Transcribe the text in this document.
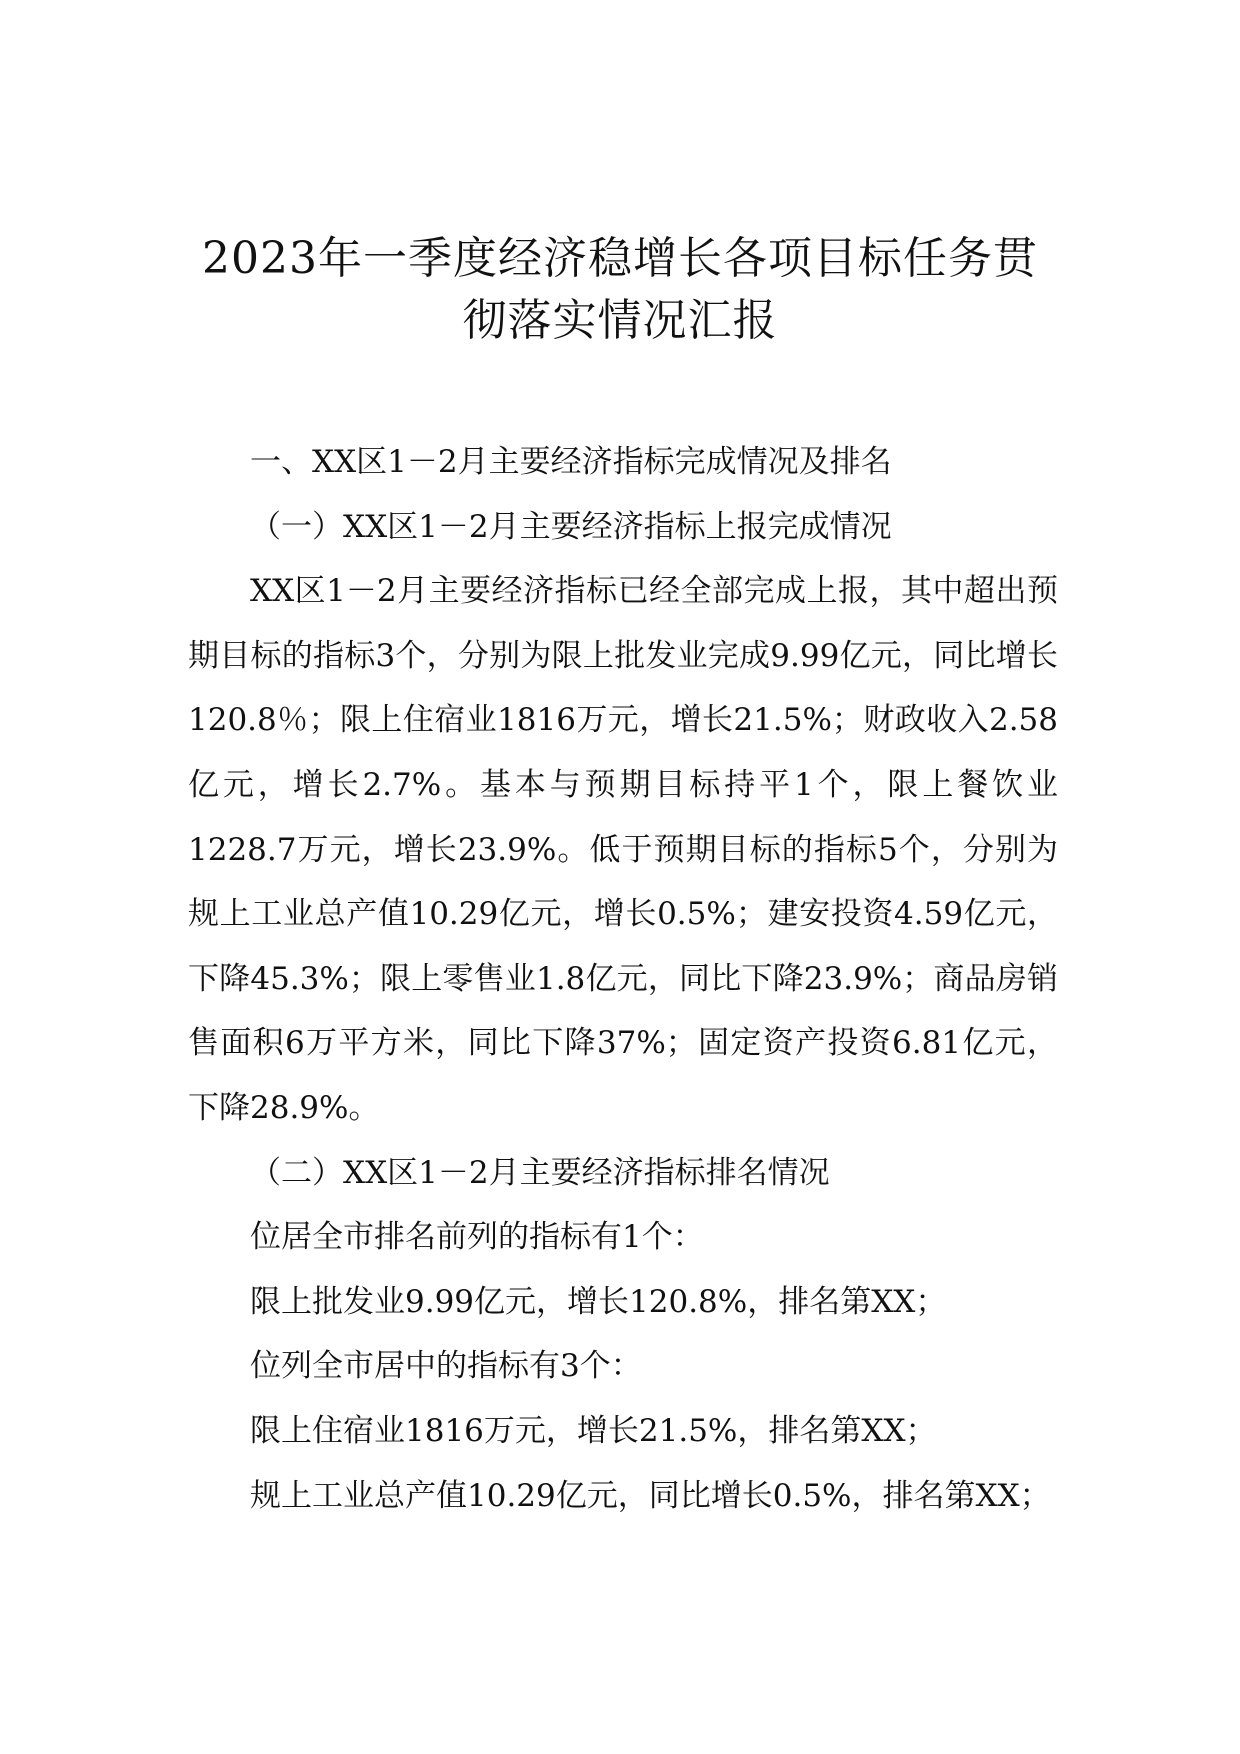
2023年一季度经济稳增长各项目标任务贯
彻落实情况汇报

一、XX区1－2月主要经济指标完成情况及排名

（一）XX区1－2月主要经济指标上报完成情况

XX区1－2月主要经济指标已经全部完成上报，其中超出预期目标的指标3个，分别为限上批发业完成9.99亿元，同比增长120.8％；限上住宿业1816万元，增长21.5%；财政收入2.58亿元，增长2.7%。基本与预期目标持平1个，限上餐饮业1228.7万元，增长23.9%。低于预期目标的指标5个，分别为规上工业总产值10.29亿元，增长0.5%；建安投资4.59亿元，下降45.3%；限上零售业1.8亿元，同比下降23.9%；商品房销售面积6万平方米，同比下降37%；固定资产投资6.81亿元，下降28.9%。

（二）XX区1－2月主要经济指标排名情况

位居全市排名前列的指标有1个：

限上批发业9.99亿元，增长120.8%，排名第XX；

位列全市居中的指标有3个：

限上住宿业1816万元，增长21.5%，排名第XX；

规上工业总产值10.29亿元，同比增长0.5%，排名第XX；
